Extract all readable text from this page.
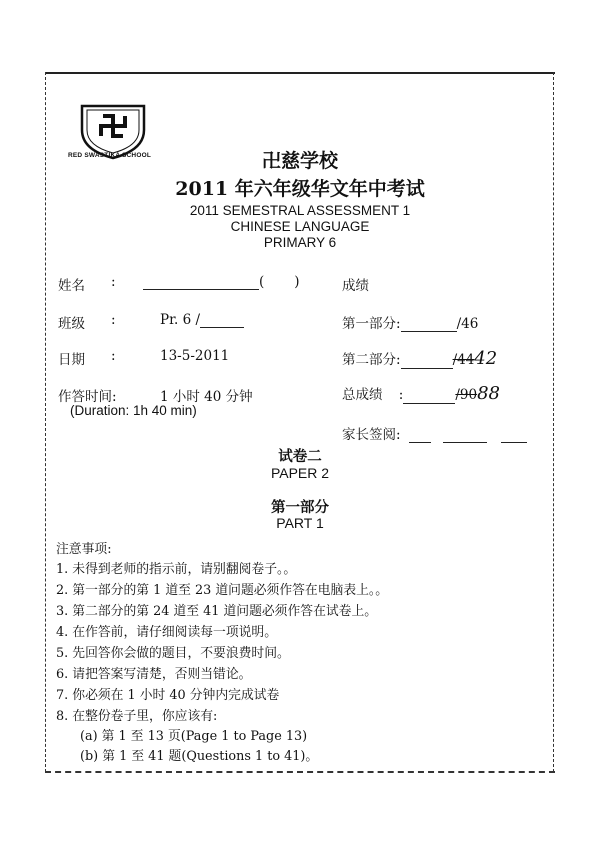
RED SWASTIKA SCHOOL	卍慈学校
2011 年六年级华文年中考试
2011 SEMESTRAL ASSESSMENT 1
CHINESE LANGUAGE
PRIMARY 6
姓名 :	( )	成绩
班级 :	Pr. 6 /	第一部分:	/46
日期 :	13-5-2011	第二部分:	/4442
作答时间:	1 小时 40 分钟
(Duration: 1h 40 min)
总成绩 :	/9088
家长签阅:
试卷二
PAPER 2
第一部分
PART 1
注意事项:
1. 未得到老师的指示前，请别翻阅卷子。。
2. 第一部分的第 1 道至 23 道问题必须作答在电脑表上。。
3. 第二部分的第 24 道至 41 道问题必须作答在试卷上。
4. 在作答前，请仔细阅读每一项说明。
5. 先回答你会做的题目，不要浪费时间。
6. 请把答案写清楚，否则当错论。
7. 你必须在 1 小时 40 分钟内完成试卷
8. 在整份卷子里，你应该有:
(a) 第 1 至 13 页(Page 1 to Page 13)
(b) 第 1 至 41 题(Questions 1 to 41)。
